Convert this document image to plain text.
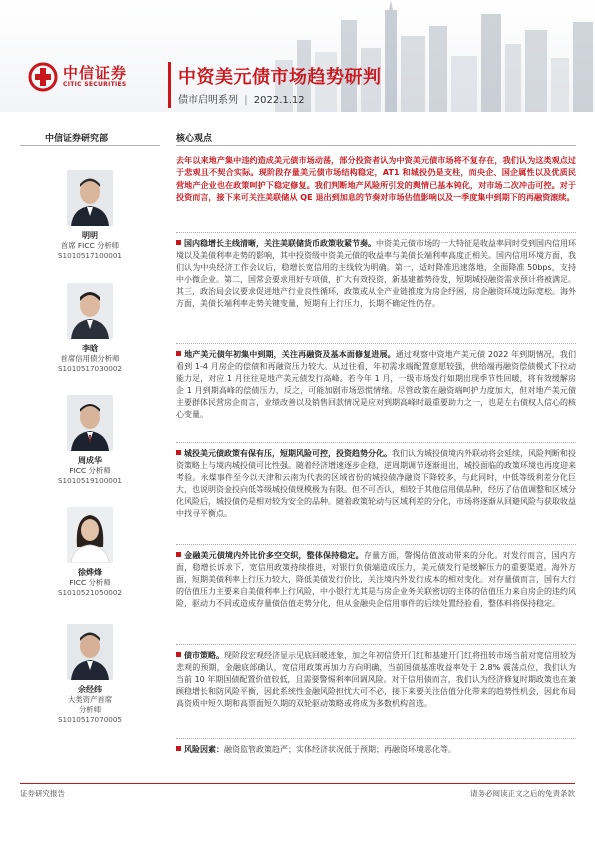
中信证券
CITIC SECURITIES	中资美元债市场趋势研判
债市启明系列 | 2022.1.12
中信证券研究部	核心观点
明明
首席 FICC 分析师
S1010517100001
李晗
首席信用债分析师
S1010517030002
周成华
FICC 分析师
S1010519100001
徐烨烽
FICC 分析师
S1010521050002
余经纬
大类资产首席
分析师
S1010517070005
去年以来地产集中违约造成美元债市场动荡，部分投资者认为中资美元债市场将不复存在，我们认为这类观点过于悲观且不契合实际。现阶段存量美元债市场结构稳定，AT1 和城投仍是支柱，而央企、国企属性以及优质民营地产企业也在政策呵护下稳定修复。我们判断地产风险所引发的舆情已基本钝化，对市场二次冲击可控。对于投资而言，接下来可关注美联储从 QE 退出到加息的节奏对市场估值影响以及一季度集中到期下的再融资滚续。
国内稳增长主线清晰，关注美联储货币政策收紧节奏。中资美元债市场的一大特征是收益率同时受到国内信用环境以及美债利率走势的影响，其中投资级中资美元债的收益率与美债长端利率高度正相关。国内信用环境方面，我们认为中央经济工作会议后，稳增长宽信用的主线较为明确。第一，适时降准迅速落地，全面降准 50bps，支持中小微企业。第二，国常会要求用好专项债，扩大有效投资，新基建蓄势待发，短期城投融资需求预计将被满足。其三，政治局会议要求促进地产行业良性循环，政策或从全产业链推度为房企纾困，房企融资环境边际宽松。海外方面，美债长端利率走势关键变量，短期有上行压力，长期不确定性仍存。
地产美元债年初集中到期，关注再融资及基本面修复进展。通过观察中资地产美元债 2022 年到期情况，我们看到 1-4 月房企的偿债和再融资压力较大。从过往看，年初需求端配置意愿较强，供给端再融资偿债模式下拉动能力足，对应 1 月往往是地产美元债发行高峰。若今年 1 月，一级市场发行如期出现季节性回暖，将有效缓解房企 1 月到期高峰的偿债压力，反之，可能加剧市场恐慌情绪。尽管政策在融资端呵护力度加大，但对地产美元债主要群体民营房企而言，业绩改善以及销售回款情况是应对到期高峰时最重要助力之一，也是左右债权人信心的核心变量。
城投美元债政策有保有压，短期风险可控，投资趋势分化。我们认为城投债境内外联动将会延续，风险判断和投资策略上与境内城投债可比性强。随着经济增速逐步企稳，逆周期调节逐渐退出，城投面临的政策环境也再度迎来考验。永煤事件至今以天津和云南为代表的区域省份的城投债净融资下降较多，与此同时，中低等级利差分化巨大，也说明资金投向低等级城投债规模极为有限。但不可否认，相较于其他信用债品种，经历了估值调整和区域分化风险后，城投债仍是相对较为安全的品种。随着政策轮动与区域利差的分化，市场将逐渐从回避风险与获取收益中找寻平衡点。
金融美元债境内外比价多空交织，整体保持稳定。存量方面，警惕估值波动带来的分化。对发行而言，国内方面，稳增长诉求下，宽信用政策持续推进，对银行负债端造成压力，美元债发行是缓解压力的重要渠道。海外方面，短期美债利率上行压力较大，降低美债发行价比，关注境内外发行成本的相对变化。对存量债而言，国有大行的估值压力主要来自美债利率上行风险，中小银行尤其是与房企业务关联密切的主体的估值压力来自房企的违约风险，驱动力不同或造成存量债估值走势分化，但从金融央企信用事件的后续处置经验看，整体料将保持稳定。
债市策略。现阶段宏观经济显示见底回暖迹象，加之年初信贷开门红和基建开门红将扭转市场当前对宽信用较为悲观的预期，金融底部确认，宽信用政策再加力方向明确，当前国债基准收益率处于 2.8% 震荡点位，我们认为当前 10 年期国债配置价值较低，且需要警惕利率回调风险。对于信用债而言，我们认为经济修复时期政策也在兼顾稳增长和防风险平衡，因此系统性金融风险担忧大可不必，接下来要关注估值分化带来的趋势性机会，因此布局高资质中短久期和高票面短久期的双轮驱动策略或将成为多数机构首选。
风险因素：融资监管政策趋严；实体经济状况低于预期；再融资环境恶化等。
证券研究报告	请务必阅读正文之后的免责条款
